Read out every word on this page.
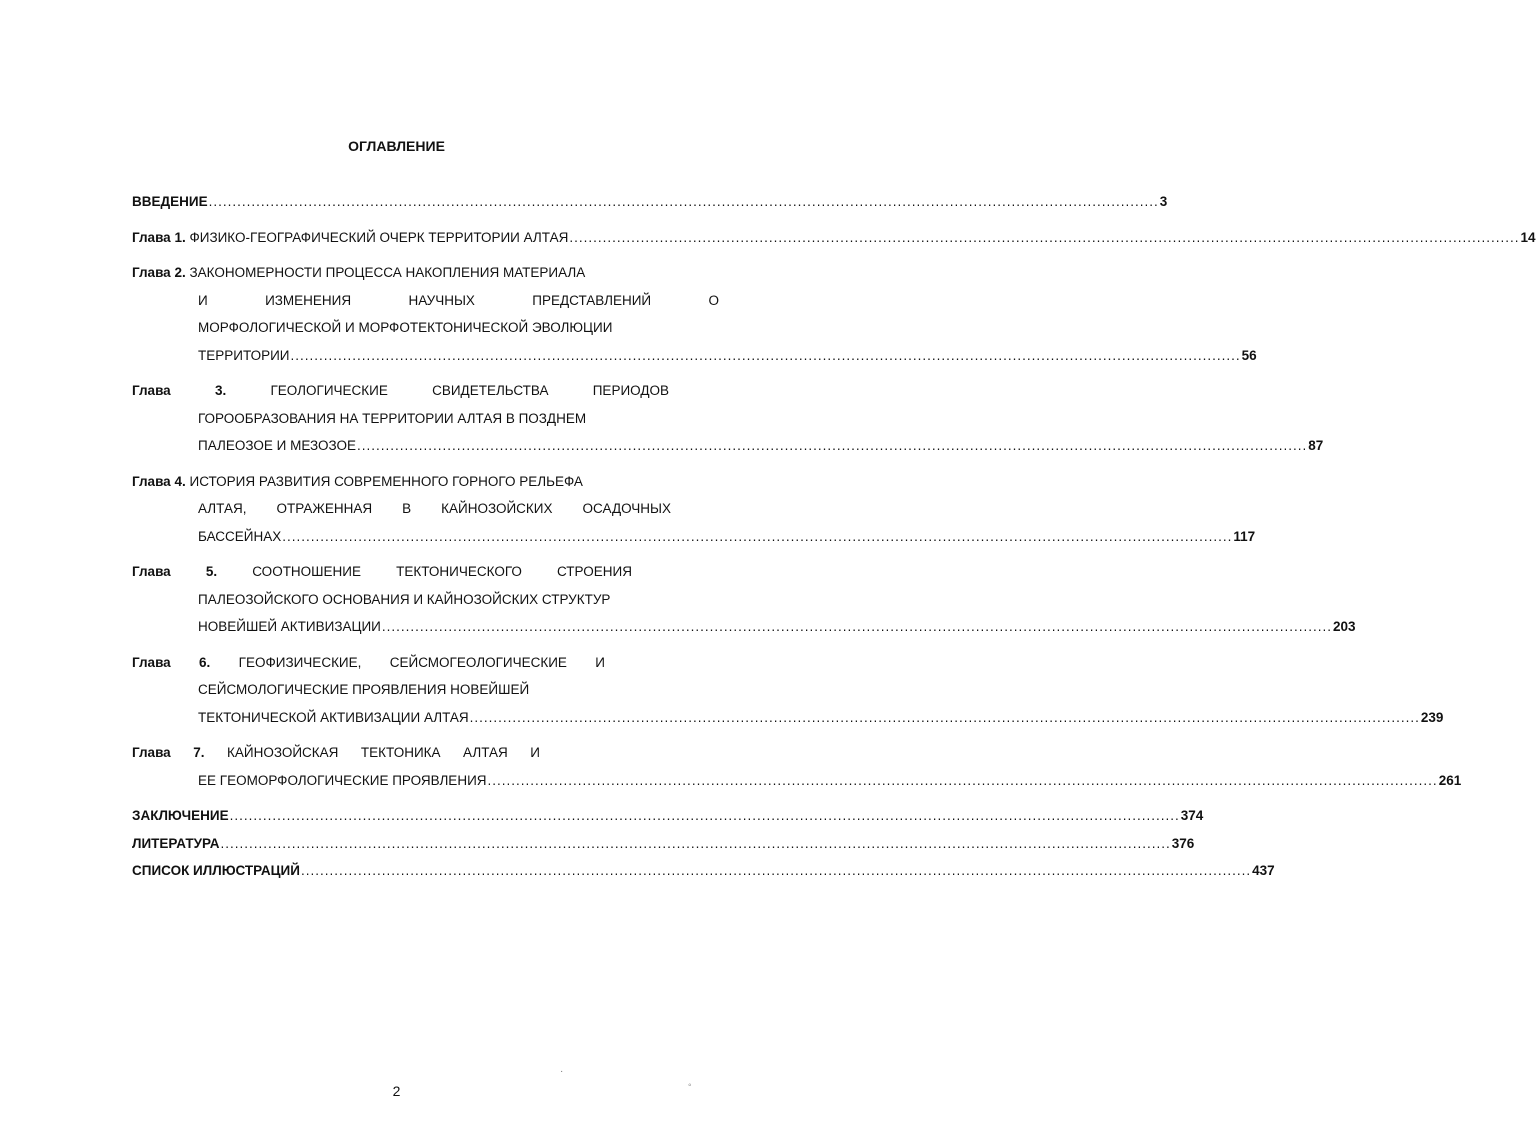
ОГЛАВЛЕНИЕ
ВВЕДЕНИЕ ........................................................................................................................................................................................................ 3
Глава 1. ФИЗИКО-ГЕОГРАФИЧЕСКИЙ ОЧЕРК ТЕРРИТОРИИ АЛТАЯ ........................................................................................................................................................................................................ 14
Глава 2. ЗАКОНОМЕРНОСТИ ПРОЦЕССА НАКОПЛЕНИЯ МАТЕРИАЛА
И ИЗМЕНЕНИЯ НАУЧНЫХ ПРЕДСТАВЛЕНИЙ О
МОРФОЛОГИЧЕСКОЙ И МОРФОТЕКТОНИЧЕСКОЙ ЭВОЛЮЦИИ
ТЕРРИТОРИИ ........................................................................................................................................................................................................ 56
Глава 3.	ГЕОЛОГИЧЕСКИЕ СВИДЕТЕЛЬСТВА ПЕРИОДОВ
ГОРООБРАЗОВАНИЯ НА ТЕРРИТОРИИ АЛТАЯ В ПОЗДНЕМ
ПАЛЕОЗОЕ И МЕЗОЗОЕ ........................................................................................................................................................................................................ 87
Глава 4. ИСТОРИЯ РАЗВИТИЯ СОВРЕМЕННОГО ГОРНОГО РЕЛЬЕФА
АЛТАЯ, ОТРАЖЕННАЯ В КАЙНОЗОЙСКИХ ОСАДОЧНЫХ
БАССЕЙНАХ ........................................................................................................................................................................................................ 117
Глава 5.	СООТНОШЕНИЕ ТЕКТОНИЧЕСКОГО СТРОЕНИЯ
ПАЛЕОЗОЙСКОГО ОСНОВАНИЯ И КАЙНОЗОЙСКИХ СТРУКТУР
НОВЕЙШЕЙ АКТИВИЗАЦИИ ........................................................................................................................................................................................................ 203
Глава 6. ГЕОФИЗИЧЕСКИЕ, СЕЙСМОГЕОЛОГИЧЕСКИЕ И
СЕЙСМОЛОГИЧЕСКИЕ ПРОЯВЛЕНИЯ НОВЕЙШЕЙ
ТЕКТОНИЧЕСКОЙ АКТИВИЗАЦИИ АЛТАЯ ........................................................................................................................................................................................................ 239
Глава 7. КАЙНОЗОЙСКАЯ ТЕКТОНИКА АЛТАЯ И
ЕЕ ГЕОМОРФОЛОГИЧЕСКИЕ ПРОЯВЛЕНИЯ ........................................................................................................................................................................................................ 261
ЗАКЛЮЧЕНИЕ ........................................................................................................................................................................................................ 374
ЛИТЕРАТУРА ........................................................................................................................................................................................................ 376
СПИСОК ИЛЛЮСТРАЦИЙ ........................................................................................................................................................................................................ 437
2
·
◦
